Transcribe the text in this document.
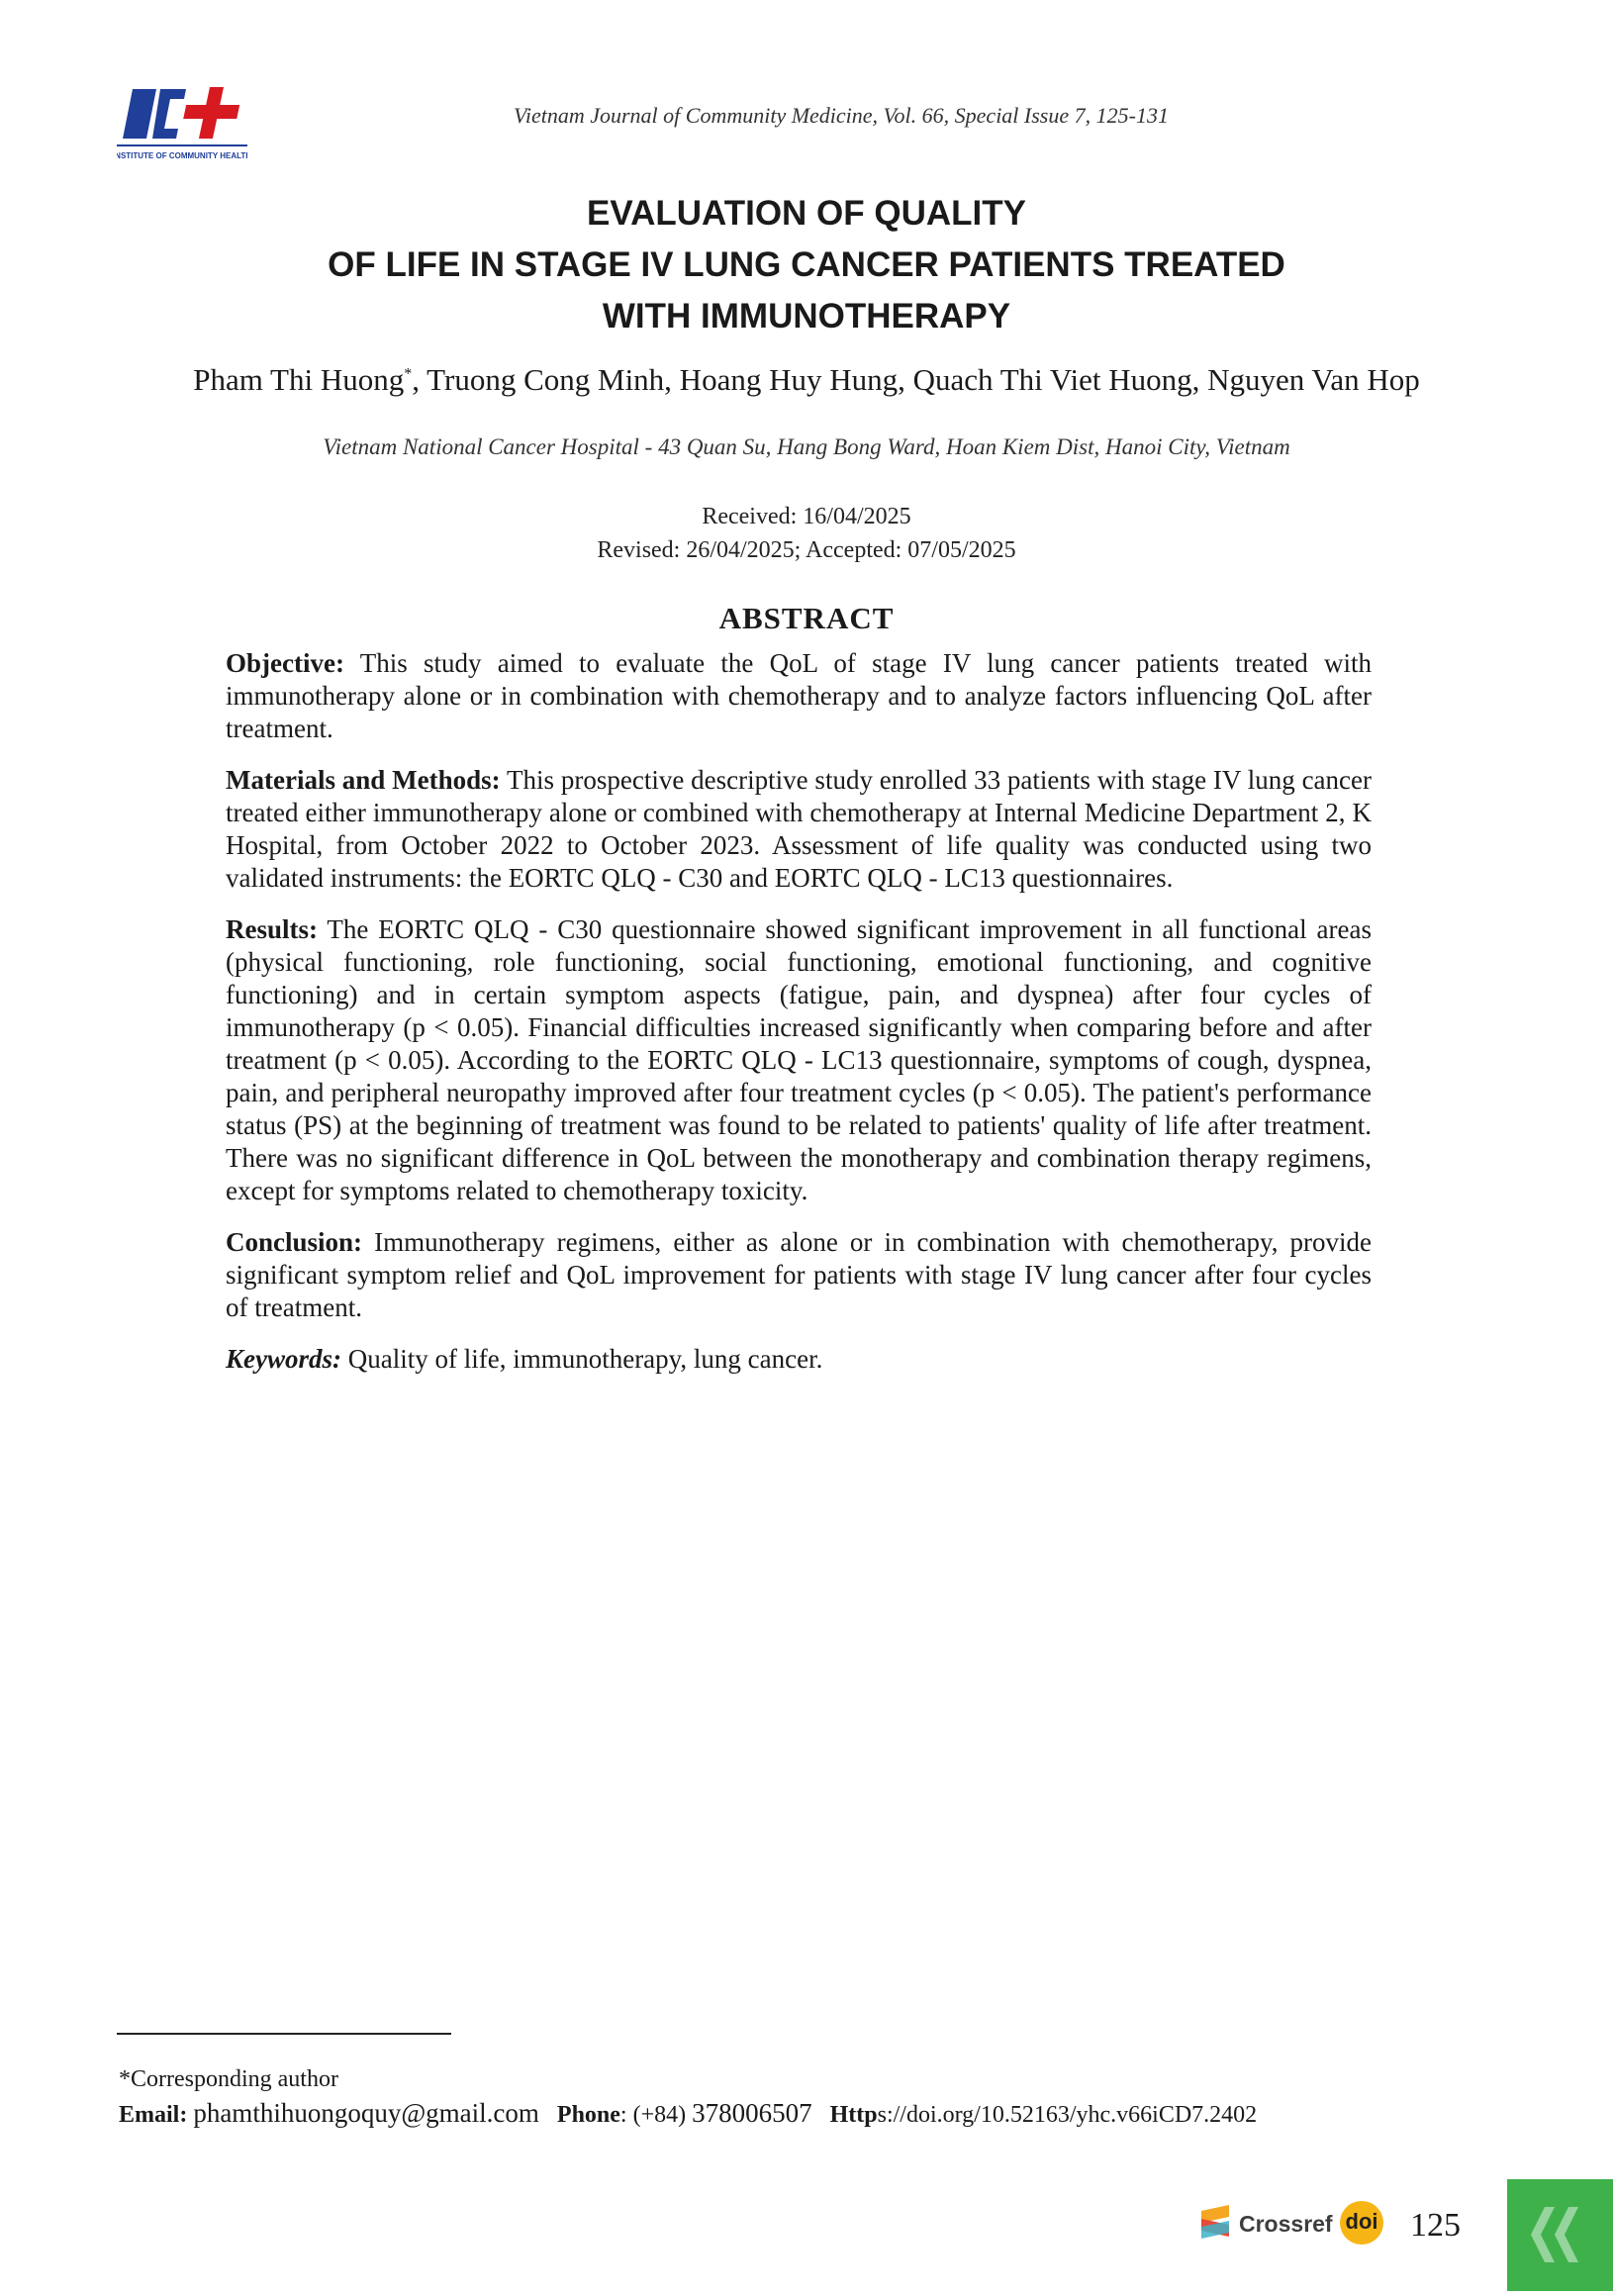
INSTITUTE OF COMMUNITY HEALTH
Vietnam Journal of Community Medicine, Vol. 66, Special Issue 7, 125-131
EVALUATION OF QUALITY
OF LIFE IN STAGE IV LUNG CANCER PATIENTS TREATED
WITH IMMUNOTHERAPY
Pham Thi Huong*, Truong Cong Minh, Hoang Huy Hung, Quach Thi Viet Huong, Nguyen Van Hop
Vietnam National Cancer Hospital - 43 Quan Su, Hang Bong Ward, Hoan Kiem Dist, Hanoi City, Vietnam
Received: 16/04/2025
Revised: 26/04/2025; Accepted: 07/05/2025
ABSTRACT

Objective: This study aimed to evaluate the QoL of stage IV lung cancer patients treated with immunotherapy alone or in combination with chemotherapy and to analyze factors influencing QoL after treatment.

Materials and Methods: This prospective descriptive study enrolled 33 patients with stage IV lung cancer treated either immunotherapy alone or combined with chemotherapy at Internal Medicine Department 2, K Hospital, from October 2022 to October 2023. Assessment of life quality was conducted using two validated instruments: the EORTC QLQ - C30 and EORTC QLQ - LC13 questionnaires.

Results: The EORTC QLQ - C30 questionnaire showed significant improvement in all functional areas (physical functioning, role functioning, social functioning, emotional functioning, and cognitive functioning) and in certain symptom aspects (fatigue, pain, and dyspnea) after four cycles of immunotherapy (p < 0.05). Financial difficulties increased significantly when comparing before and after treatment (p < 0.05). According to the EORTC QLQ - LC13 questionnaire, symptoms of cough, dyspnea, pain, and peripheral neuropathy improved after four treatment cycles (p < 0.05). The patient's performance status (PS) at the beginning of treatment was found to be related to patients' quality of life after treatment. There was no significant difference in QoL between the monotherapy and combination therapy regimens, except for symptoms related to chemotherapy toxicity.

Conclusion: Immunotherapy regimens, either as alone or in combination with chemotherapy, provide significant symptom relief and QoL improvement for patients with stage IV lung cancer after four cycles of treatment.

Keywords: Quality of life, immunotherapy, lung cancer.

*Corresponding author
Email: phamthihuongoquy@gmail.com Phone: (+84) 378006507 Https://doi.org/10.52163/yhc.v66iCD7.2402
Crossref doi 125
